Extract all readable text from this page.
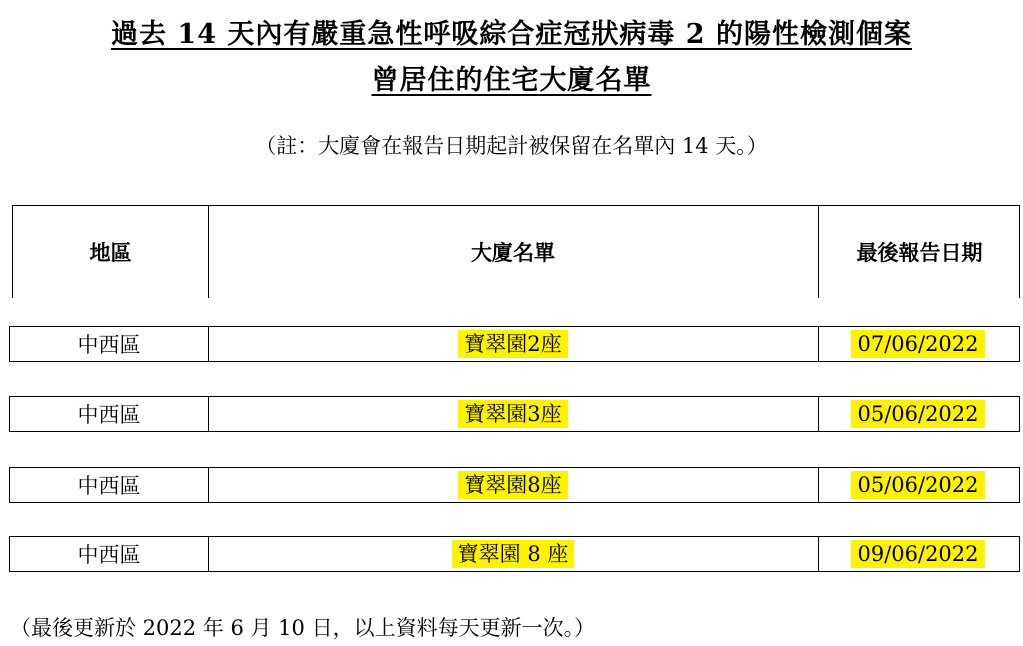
過去 14 天內有嚴重急性呼吸綜合症冠狀病毒 2 的陽性檢測個案
曾居住的住宅大廈名單
（註：大廈會在報告日期起計被保留在名單內 14 天。）
地區	大廈名單	最後報告日期
中西區	寶翠園2座	07/06/2022
中西區	寶翠園3座	05/06/2022
中西區	寶翠園8座	05/06/2022
中西區	寶翠園 8 座	09/06/2022
（最後更新於 2022 年 6 月 10 日，以上資料每天更新一次。）
